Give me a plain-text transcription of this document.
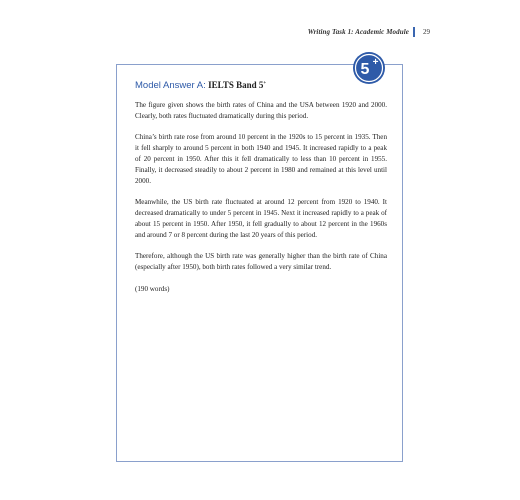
Writing Task 1: Academic Module 29
5 +
Model Answer A: IELTS Band 5+

The figure given shows the birth rates of China and the USA between 1920 and 2000. Clearly, both rates fluctuated dramatically during this period.

China’s birth rate rose from around 10 percent in the 1920s to 15 percent in 1935. Then it fell sharply to around 5 percent in both 1940 and 1945. It increased rapidly to a peak of 20 percent in 1950. After this it fell dramatically to less than 10 percent in 1955. Finally, it decreased steadily to about 2 percent in 1980 and remained at this level until 2000.

Meanwhile, the US birth rate fluctuated at around 12 percent from 1920 to 1940. It decreased dramatically to under 5 percent in 1945. Next it increased rapidly to a peak of about 15 percent in 1950. After 1950, it fell gradually to about 12 percent in the 1960s and around 7 or 8 percent during the last 20 years of this period.

Therefore, although the US birth rate was generally higher than the birth rate of China (especially after 1950), both birth rates followed a very similar trend.

(190 words)
